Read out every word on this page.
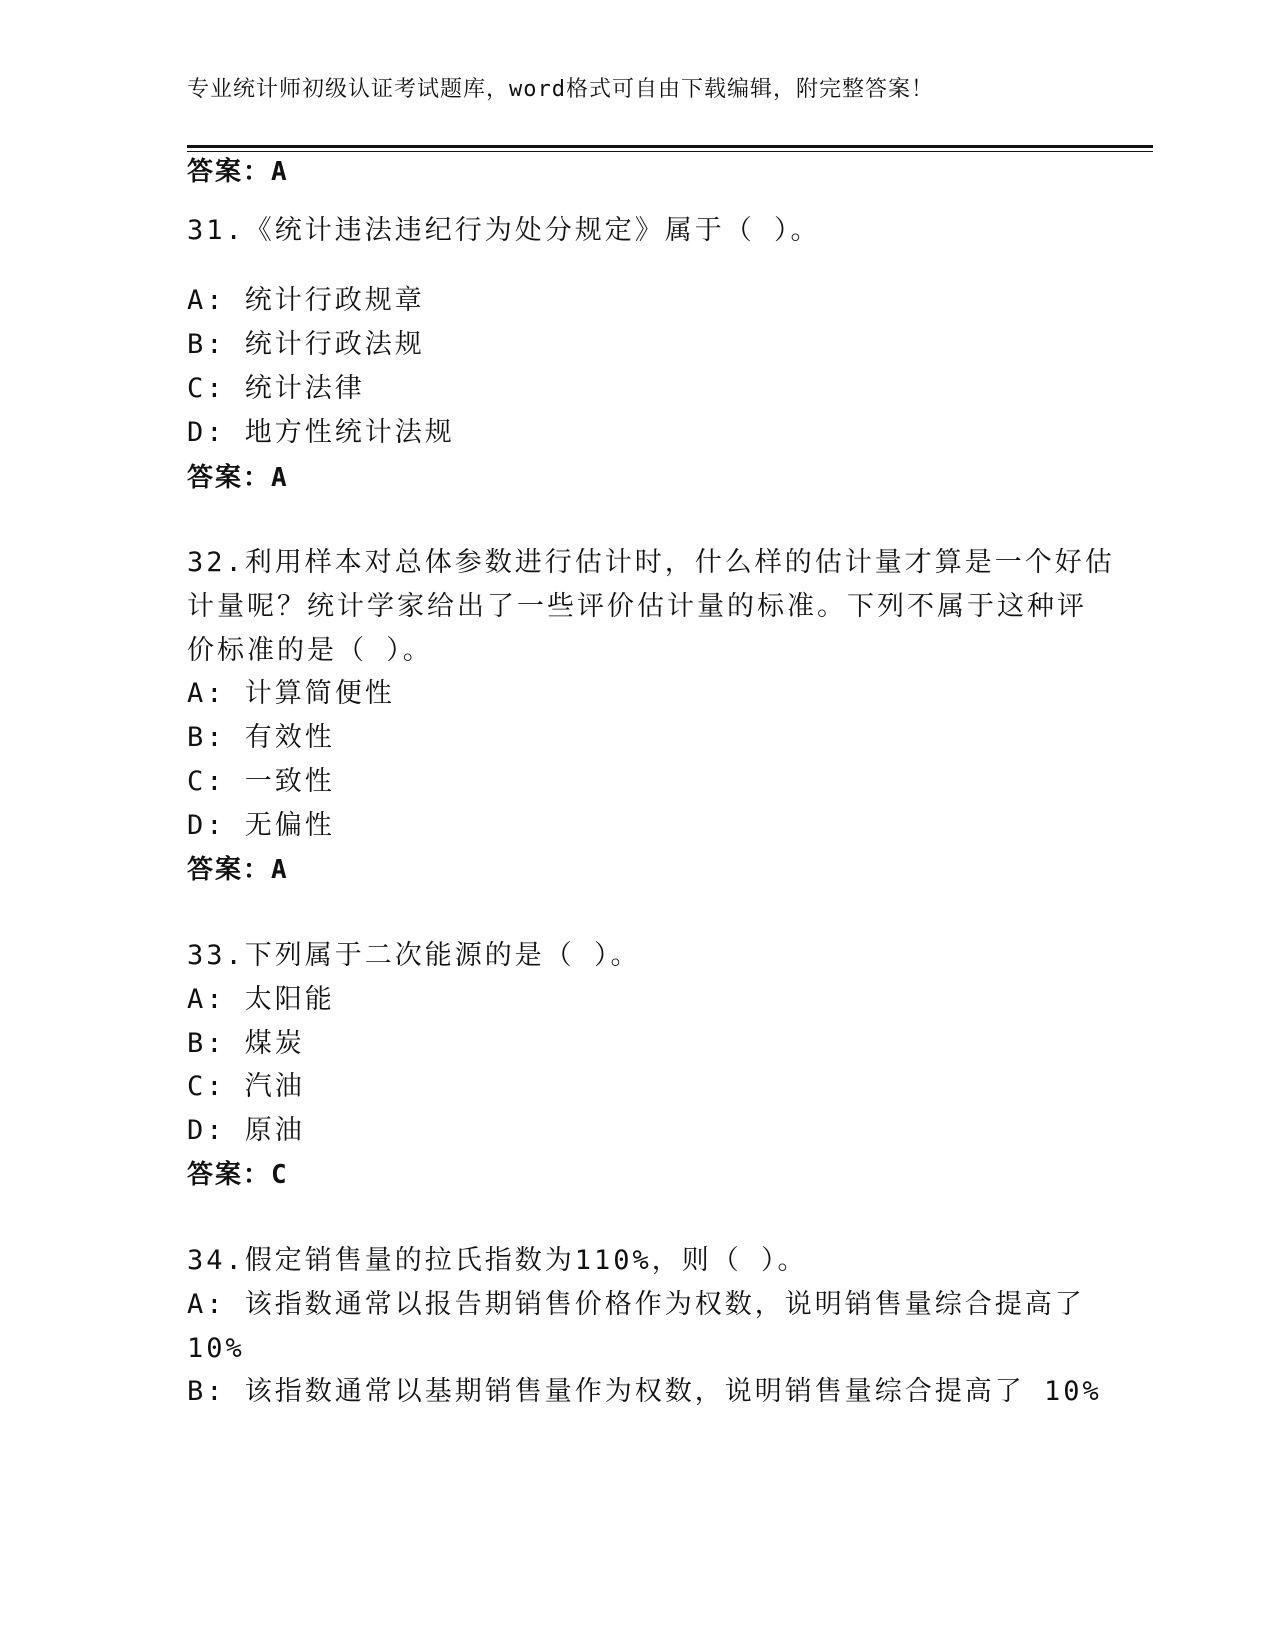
专业统计师初级认证考试题库，word格式可自由下载编辑，附完整答案！
答案：A
31.《统计违法违纪行为处分规定》属于（ ）。
A: 统计行政规章
B: 统计行政法规
C: 统计法律
D: 地方性统计法规
答案：A
32.利用样本对总体参数进行估计时，什么样的估计量才算是一个好估
计量呢？统计学家给出了一些评价估计量的标准。下列不属于这种评
价标准的是（ ）。
A: 计算简便性
B: 有效性
C: 一致性
D: 无偏性
答案：A
33.下列属于二次能源的是（ ）。
A: 太阳能
B: 煤炭
C: 汽油
D: 原油
答案：C
34.假定销售量的拉氏指数为110%，则（ ）。
A: 该指数通常以报告期销售价格作为权数，说明销售量综合提高了
10%
B: 该指数通常以基期销售量作为权数，说明销售量综合提高了 10%
